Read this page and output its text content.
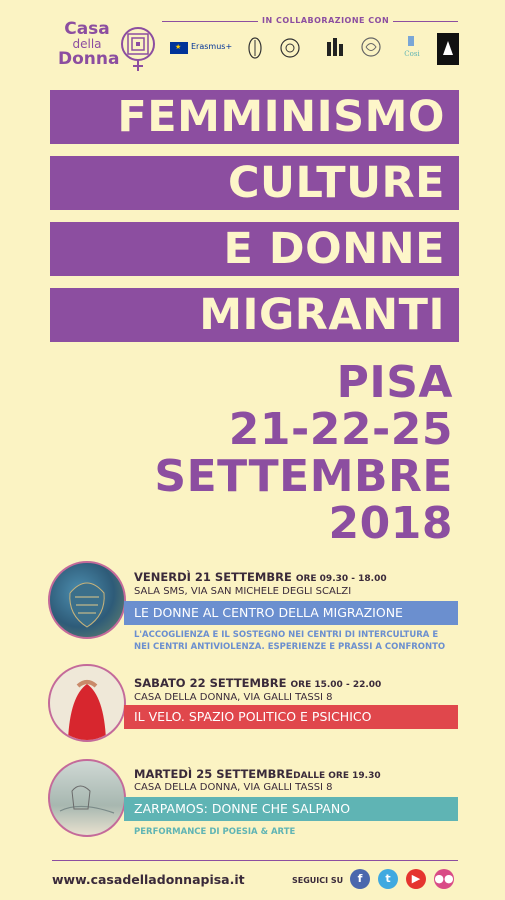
Casa
della
Donna
IN COLLABORAZIONE CON
★
Erasmus+
Cosi
FEMMINISMO
CULTURE
E DONNE
MIGRANTI
PISA
21-22-25
SETTEMBRE
2018
VENERDÌ 21 SETTEMBRE ORE 09.30 - 18.00
SALA SMS, VIA SAN MICHELE DEGLI SCALZI
LE DONNE AL CENTRO DELLA MIGRAZIONE
L'ACCOGLIENZA E IL SOSTEGNO NEI CENTRI DI INTERCULTURA E NEI CENTRI ANTIVIOLENZA. ESPERIENZE E PRASSI A CONFRONTO
SABATO 22 SETTEMBRE ORE 15.00 - 22.00
CASA DELLA DONNA, VIA GALLI TASSI 8
IL VELO. SPAZIO POLITICO E PSICHICO
MARTEDÌ 25 SETTEMBREDALLE ORE 19.30
CASA DELLA DONNA, VIA GALLI TASSI 8
ZARPAMOS: DONNE CHE SALPANO
PERFORMANCE DI POESIA & ARTE
www.casadelladonnapisa.it	SEGUICI SU	f	t	▶	●●
